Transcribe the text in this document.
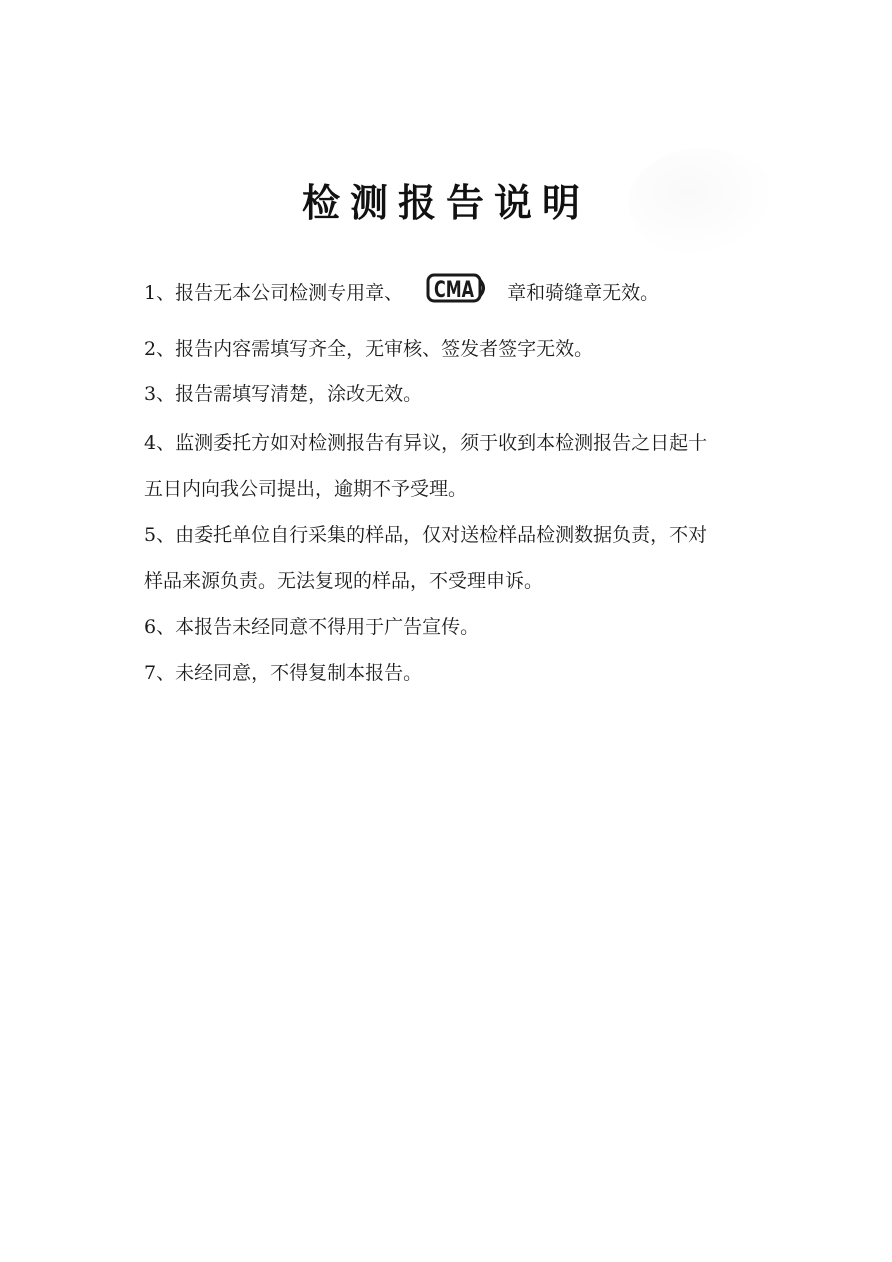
检测报告说明
1、报告无本公司检测专用章、 CMA 章和骑缝章无效。
2、报告内容需填写齐全，无审核、签发者签字无效。
3、报告需填写清楚，涂改无效。
4、监测委托方如对检测报告有异议，须于收到本检测报告之日起十
五日内向我公司提出，逾期不予受理。
5、由委托单位自行采集的样品，仅对送检样品检测数据负责，不对
样品来源负责。无法复现的样品，不受理申诉。
6、本报告未经同意不得用于广告宣传。
7、未经同意，不得复制本报告。
